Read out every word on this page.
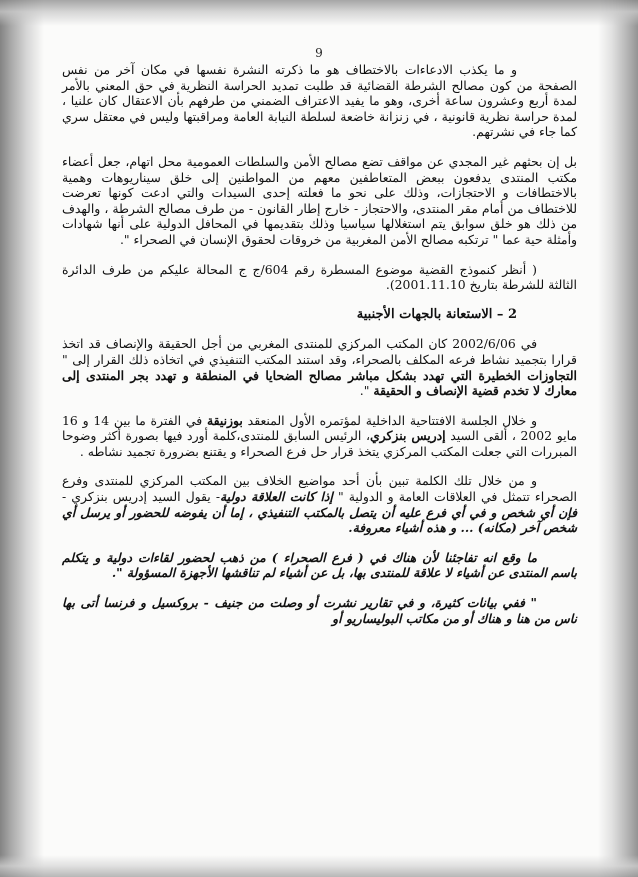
9

و ما يكذب الادعاءات بالاختطاف هو ما ذكرته النشرة نفسها في مكان آخر من نفس الصفحة من كون مصالح الشرطة القضائية قد طلبت تمديد الحراسة النظرية في حق المعني بالأمر لمدة أربع وعشرون ساعة أخرى، وهو ما يفيد الاعتراف الضمني من طرفهم بأن الاعتقال كان علنيا ، لمدة حراسة نظرية قانونية ، في زنزانة خاضعة لسلطة النيابة العامة ومراقبتها وليس في معتقل سري كما جاء في نشرتهم.

بل إن بحثهم غير المجدي عن مواقف تضع مصالح الأمن والسلطات العمومية محل اتهام، جعل أعضاء مكتب المنتدى يدفعون ببعض المتعاطفين معهم من المواطنين إلى خلق سيناريوهات وهمية بالاختطافات و الاحتجازات، وذلك على نحو ما فعلته إحدى السيدات والتي ادعت كونها تعرضت للاختطاف من أمام مقر المنتدى، والاحتجاز - خارج إطار القانون - من طرف مصالح الشرطة ، والهدف من ذلك هو خلق سوابق يتم استغلالها سياسيا وذلك بتقديمها في المحافل الدولية على أنها شهادات وأمثلة حية عما " ترتكبه مصالح الأمن المغربية من خروقات لحقوق الإنسان في الصحراء ".

( أنظر كنموذج القضية موضوع المسطرة رقم 604/ج ج المحالة عليكم من طرف الدائرة الثالثة للشرطة بتاريخ 2001.11.10).

2 – الاستعانة بالجهات الأجنبية

في 2002/6/06 كان المكتب المركزي للمنتدى المغربي من أجل الحقيقة والإنصاف قد اتخذ قرارا بتجميد نشاط فرعه المكلف بالصحراء، وقد استند المكتب التنفيذي في اتخاذه ذلك القرار إلى " التجاوزات الخطيرة التي تهدد بشكل مباشر مصالح الضحايا في المنطقة و تهدد بجر المنتدى إلى معارك لا تخدم قضية الإنصاف و الحقيقة ".

و خلال الجلسة الافتتاحية الداخلية لمؤتمره الأول المنعقد بوزنيقة في الفترة ما بين 14 و 16 مايو 2002 ، ألقى السيد إدريس بنزكري، الرئيس السابق للمنتدى،كلمة أورد فيها بصورة أكثر وضوحا المبررات التي جعلت المكتب المركزي يتخذ قرار حل فرع الصحراء و يقتنع بضرورة تجميد نشاطه .

و من خلال تلك الكلمة تبين بأن أحد مواضيع الخلاف بين المكتب المركزي للمنتدى وفرع الصحراء تتمثل في العلاقات العامة و الدولية " إذا كانت العلاقة دولية- يقول السيد إدريس بنزكري - فإن أي شخص و في أي فرع عليه أن يتصل بالمكتب التنفيذي ، إما أن يفوضه للحضور أو يرسل أي شخص آخر (مكانه) ... و هذه أشياء معروفة.

ما وقع انه تفاجئنا لأن هناك في ( فرع الصحراء ) من ذهب لحضور لقاءات دولية و يتكلم باسم المنتدى عن أشياء لا علاقة للمنتدى بها، بل عن أشياء لم تناقشها الأجهزة المسؤولة ".

" ففي بيانات كثيرة، و في تقارير نشرت أو وصلت من جنيف - بروكسيل و فرنسا أتى بها ناس من هنا و هناك أو من مكاتب البوليساريو أو
